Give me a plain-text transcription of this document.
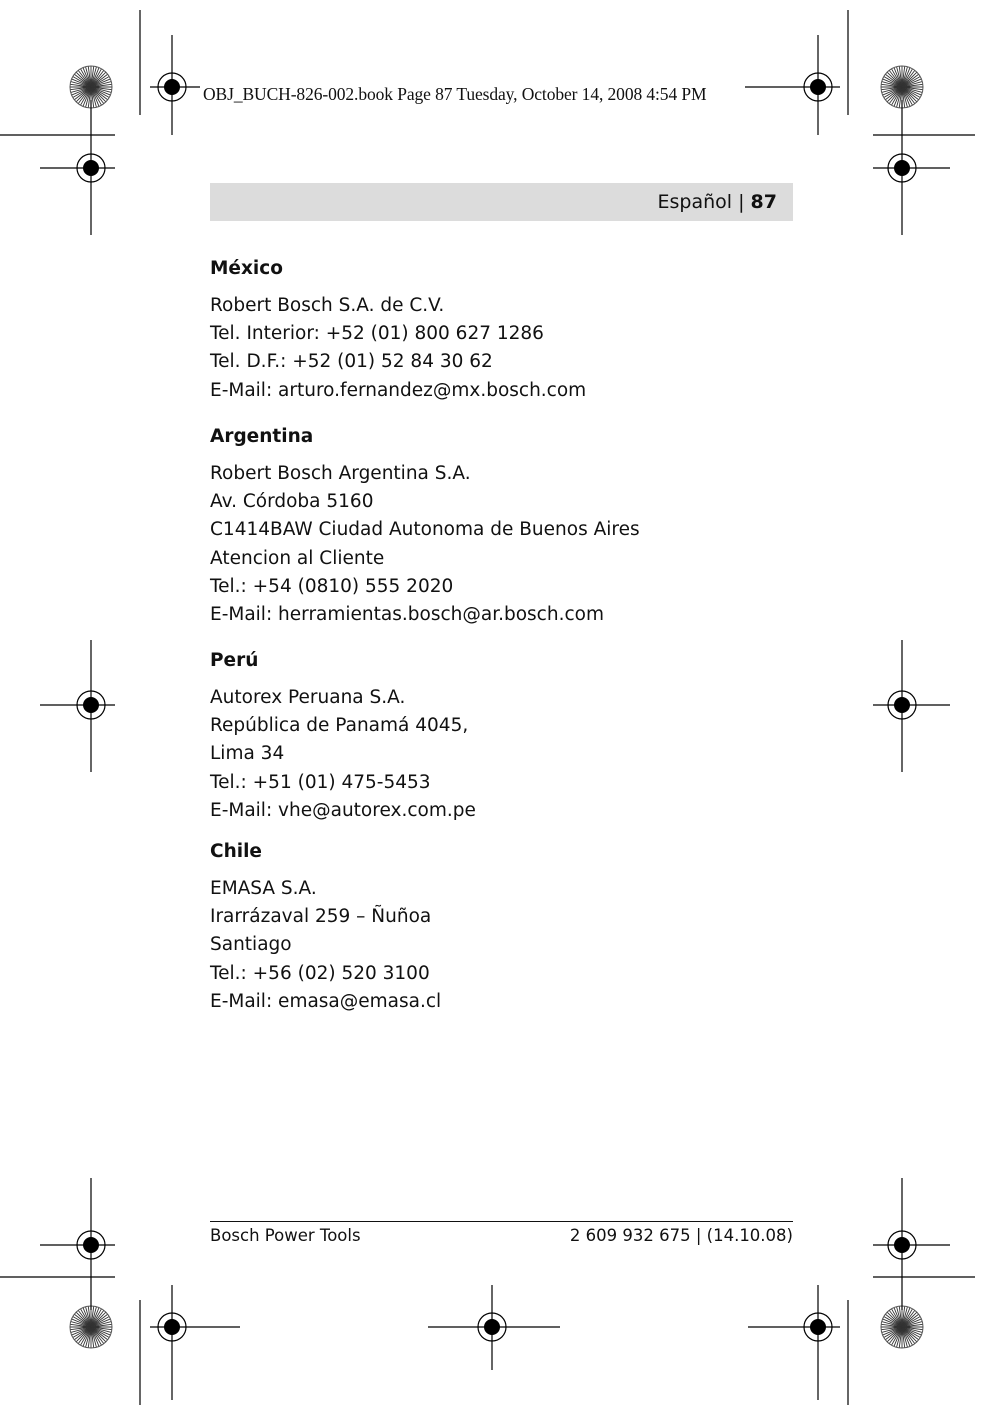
OBJ_BUCH-826-002.book Page 87 Tuesday, October 14, 2008 4:54 PM
Español | 87
México
Robert Bosch S.A. de C.V.
Tel. Interior: +52 (01) 800 627 1286
Tel. D.F.: +52 (01) 52 84 30 62
E-Mail: arturo.fernandez@mx.bosch.com
Argentina
Robert Bosch Argentina S.A.
Av. Córdoba 5160
C1414BAW Ciudad Autonoma de Buenos Aires
Atencion al Cliente
Tel.: +54 (0810) 555 2020
E-Mail: herramientas.bosch@ar.bosch.com
Perú
Autorex Peruana S.A.
República de Panamá 4045,
Lima 34
Tel.: +51 (01) 475-5453
E-Mail: vhe@autorex.com.pe
Chile
EMASA S.A.
Irarrázaval 259 – Ñuñoa
Santiago
Tel.: +56 (02) 520 3100
E-Mail: emasa@emasa.cl
Bosch Power Tools	2 609 932 675 | (14.10.08)
